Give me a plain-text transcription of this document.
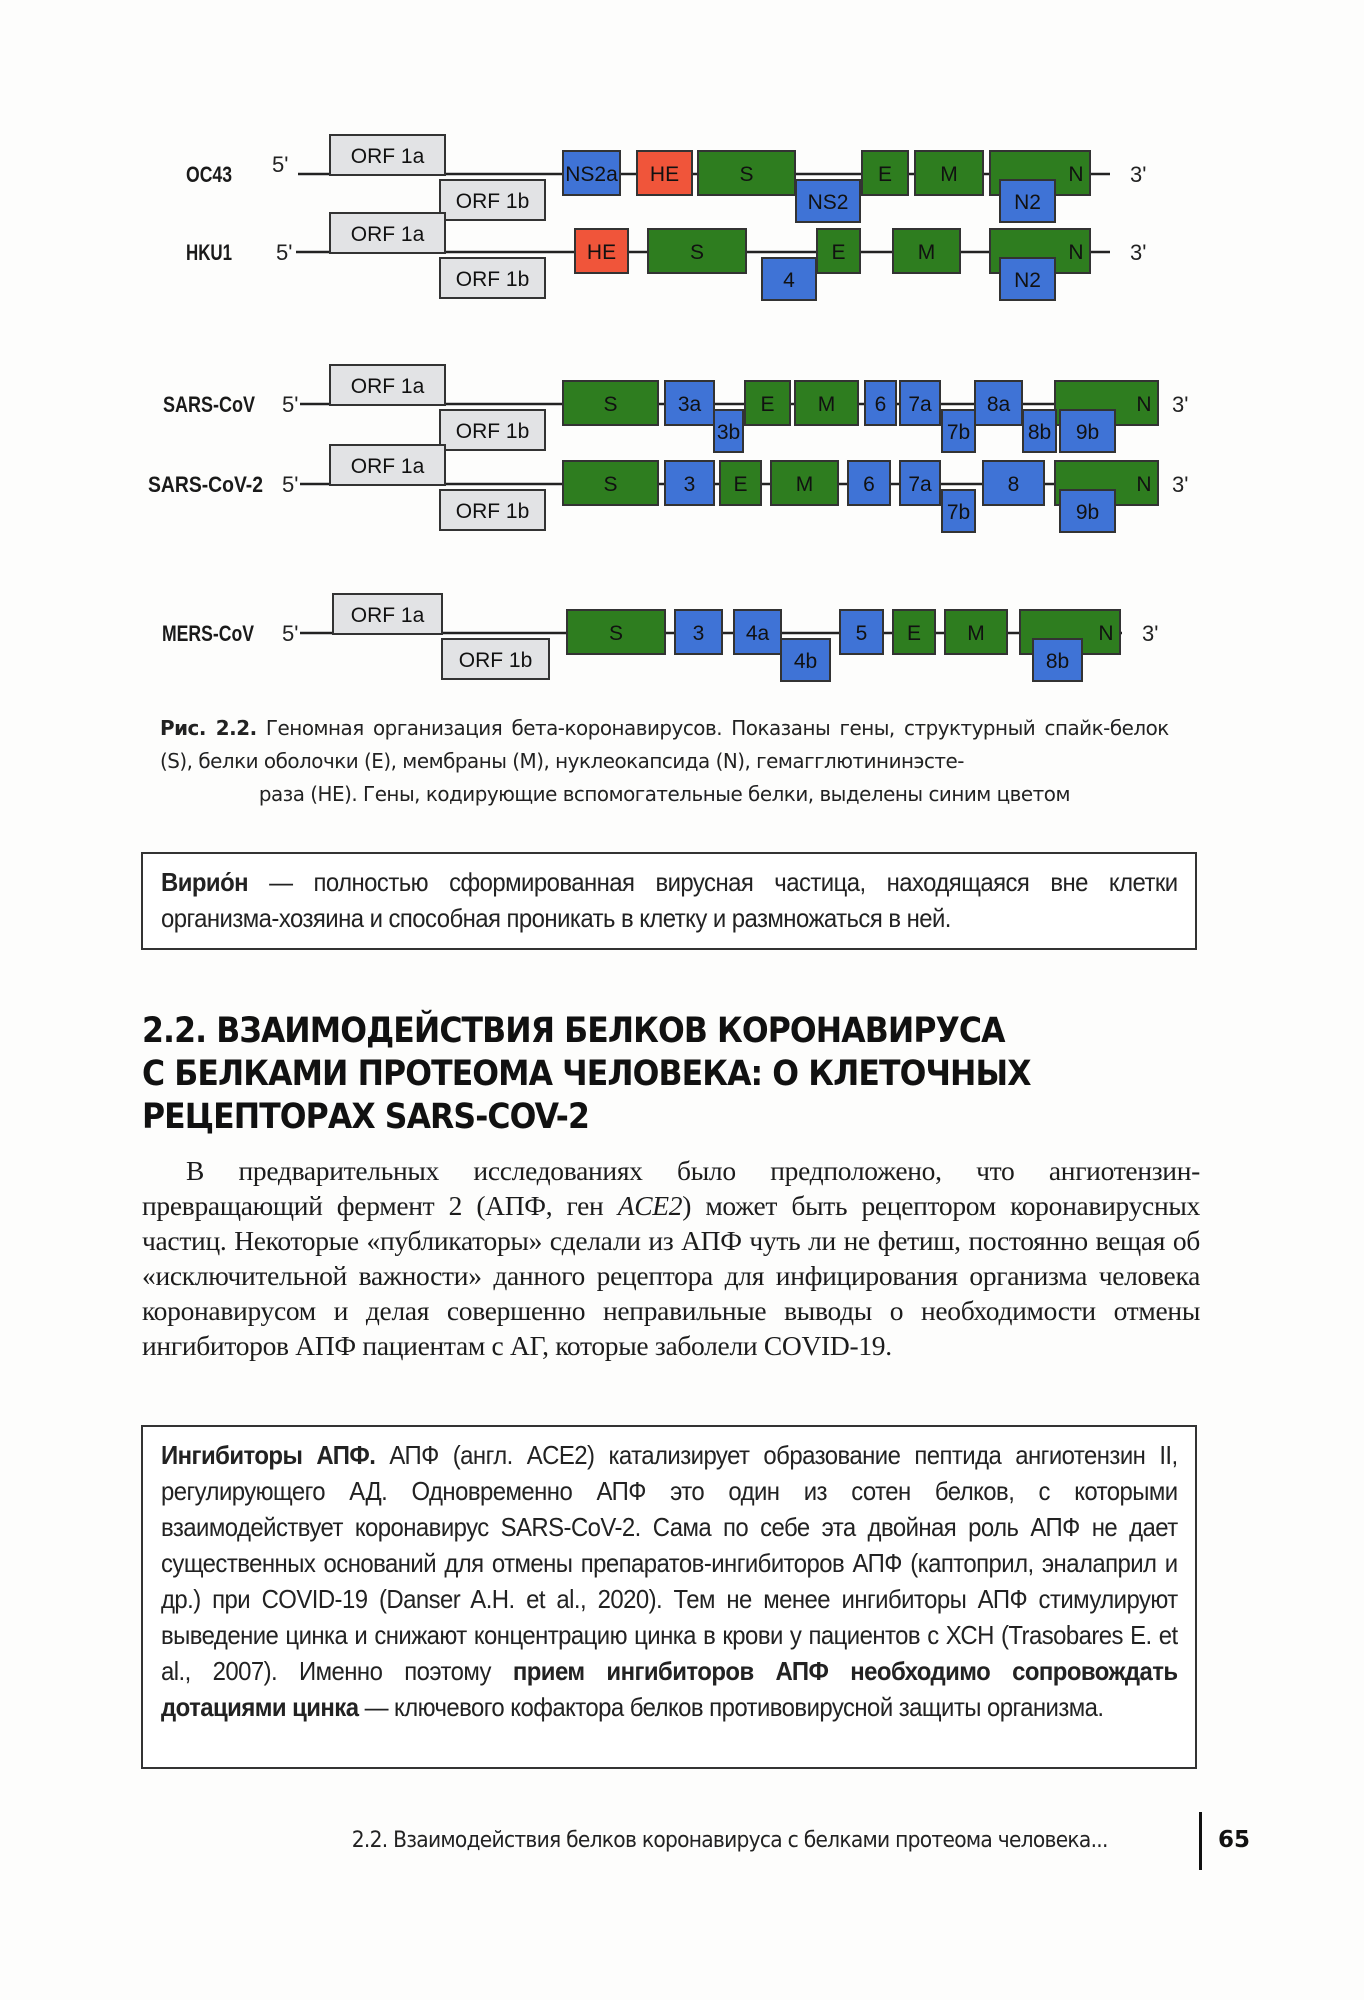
OC43 5'	3'
ORF 1a
NS2a HE	S	E M	N
ORF 1b	NS2	N2
HKU1 5'	3'
ORF 1a
HE	S	E	M	N
ORF 1b	4	N2
SARS-CoV 5'	3'
ORF 1a
S	3a	E M 6 7a	8a	N
ORF 1b	3b	7b	8b 9b
SARS-CoV-2 5'	3'
ORF 1a
S	3 E M 6 7a	8	N
ORF 1b	7b	9b
MERS-CoV 5'	3'
ORF 1a
S	3 4a	5 E M	N
ORF 1b	4b	8b
Рис. 2.2. Геномная организация бета-коронавирусов. Показаны гены, структурный спайк-белок (S), белки оболочки (E), мембраны (M), нуклеокапсида (N), гемагглютининэсте-
раза (HE). Гены, кодирующие вспомогательные белки, выделены синим цветом

Вирио́н — полностью сформированная вирусная частица, находящаяся вне клетки организма-хозяина и способная проникать в клетку и размножаться в ней.

2.2. ВЗАИМОДЕЙСТВИЯ БЕЛКОВ КОРОНАВИРУСА
С БЕЛКАМИ ПРОТЕОМА ЧЕЛОВЕКА: О КЛЕТОЧНЫХ
РЕЦЕПТОРАХ SARS-COV-2

В предварительных исследованиях было предположено, что ангиотензин-превращающий фермент 2 (АПФ, ген ACE2) может быть рецептором коронавирусных частиц. Некоторые «публикаторы» сделали из АПФ чуть ли не фетиш, постоянно вещая об «исключительной важности» данного рецептора для инфицирования организма человека коронавирусом и делая совершенно неправильные выводы о необходимости отмены ингибиторов АПФ пациентам с АГ, которые заболели COVID-19.

Ингибиторы АПФ. АПФ (англ. ACE2) катализирует образование пептида ангиотензин II, регулирующего АД. Одновременно АПФ это один из сотен белков, с которыми взаимодействует коронавирус SARS-CoV-2. Сама по себе эта двойная роль АПФ не дает существенных оснований для отмены препаратов-ингибиторов АПФ (каптоприл, эналаприл и др.) при COVID-19 (Danser A.H. et al., 2020). Тем не менее ингибиторы АПФ стимулируют выведение цинка и снижают концентрацию цинка в крови у пациентов с ХСН (Trasobares E. et al., 2007). Именно поэтому прием ингибиторов АПФ необходимо сопровождать дотациями цинка — ключевого кофактора белков противовирусной защиты организма.

2.2. Взаимодействия белков коронавируса с белками протеома человека...	65
